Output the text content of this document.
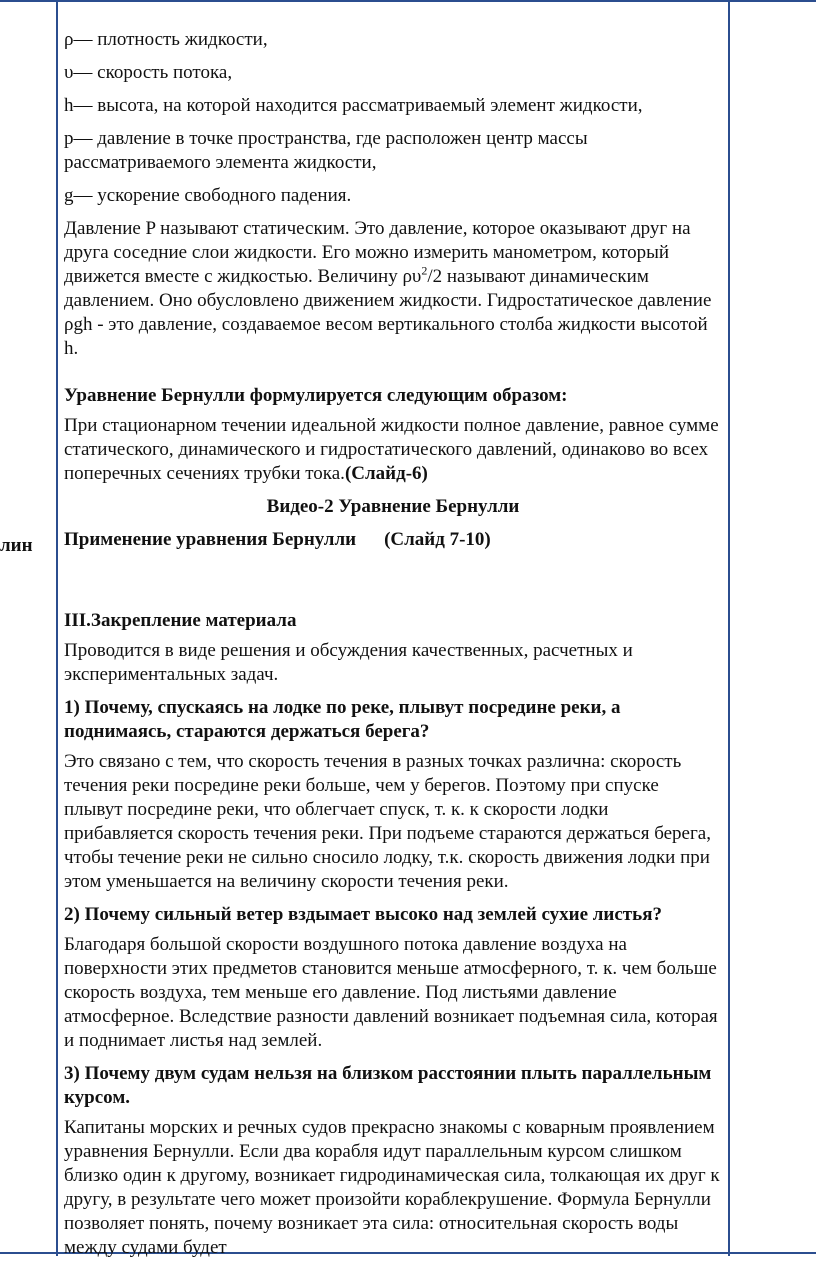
лин

ρ— плотность жидкости,

υ— скорость потока,

h— высота, на которой находится рассматриваемый элемент жидкости,

p— давление в точке пространства, где расположен центр массы рассматриваемого элемента жидкости,

g— ускорение свободного падения.

Давление P называют статическим. Это давление, которое оказывают друг на друга соседние слои жидкости. Его можно измерить манометром, который движется вместе с жидкостью. Величину $\rho\upsilon^2/2$ называют динамическим давлением. Оно обусловлено движением жидкости. Гидростатическое давление ρgh - это давление, создаваемое весом вертикального столба жидкости высотой h.

Уравнение Бернулли формулируется следующим образом:

При стационарном течении идеальной жидкости полное давление, равное сумме статического, динамического и гидростатического давлений, одинаково во всех поперечных сечениях трубки тока.(Слайд-6)

Видео-2 Уравнение Бернулли

Применение уравнения Бернулли (Слайд 7-10)

III.Закрепление материала

Проводится в виде решения и обсуждения качественных, расчетных и экспериментальных задач.

1) Почему, спускаясь на лодке по реке, плывут посредине реки, а поднимаясь, стараются держаться берега?

Это связано с тем, что скорость течения в разных точках различна: скорость течения реки посредине реки больше, чем у берегов. Поэтому при спуске плывут посредине реки, что облегчает спуск, т. к. к скорости лодки прибавляется скорость течения реки. При подъеме стараются держаться берега, чтобы течение реки не сильно сносило лодку, т.к. скорость движения лодки при этом уменьшается на величину скорости течения реки.

2) Почему сильный ветер вздымает высоко над землей сухие листья?

Благодаря большой скорости воздушного потока давление воздуха на поверхности этих предметов становится меньше атмосферного, т. к. чем больше скорость воздуха, тем меньше его давление. Под листьями давление атмосферное. Вследствие разности давлений возникает подъемная сила, которая и поднимает листья над землей.

3) Почему двум судам нельзя на близком расстоянии плыть параллельным курсом.

Капитаны морских и речных судов прекрасно знакомы с коварным проявлением уравнения Бернулли. Если два корабля идут параллельным курсом слишком близко один к другому, возникает гидродинамическая сила, толкающая их друг к другу, в результате чего может произойти кораблекрушение. Формула Бернулли позволяет понять, почему возникает эта сила: относительная скорость воды между судами будет
